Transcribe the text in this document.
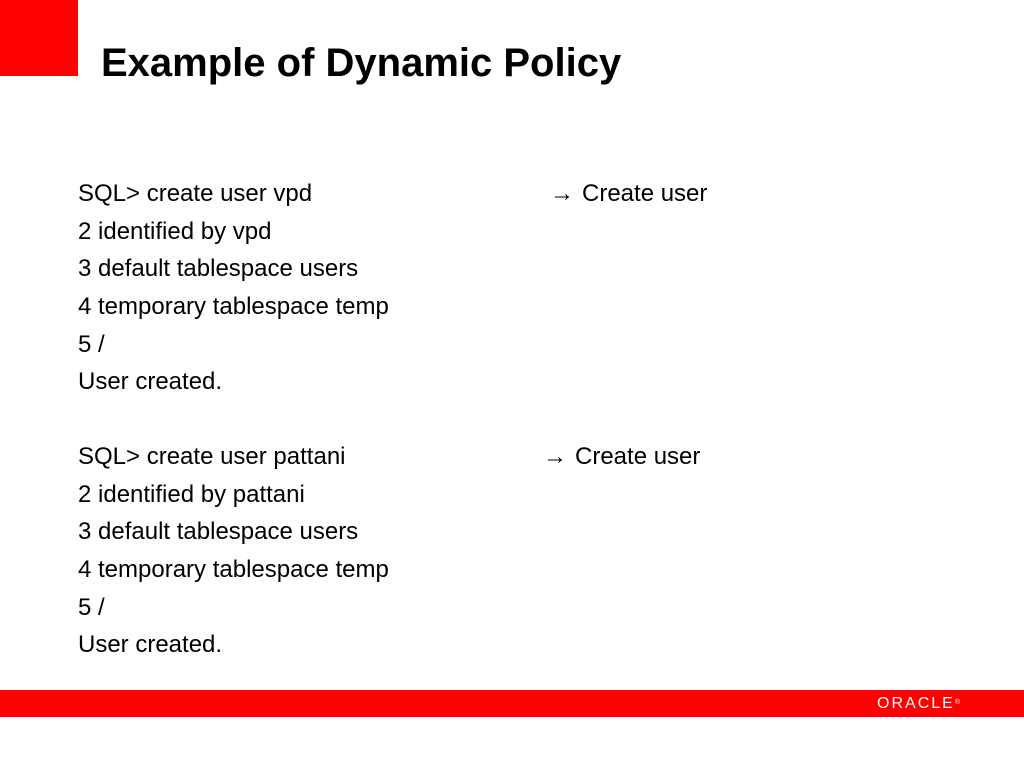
Example of Dynamic Policy
SQL> create user vpd	→ Create user
2 identified by vpd
3 default tablespace users
4 temporary tablespace temp
5 /
User created.
SQL> create user pattani	→ Create user
2 identified by pattani
3 default tablespace users
4 temporary tablespace temp
5 /
User created.
ORACLE®
